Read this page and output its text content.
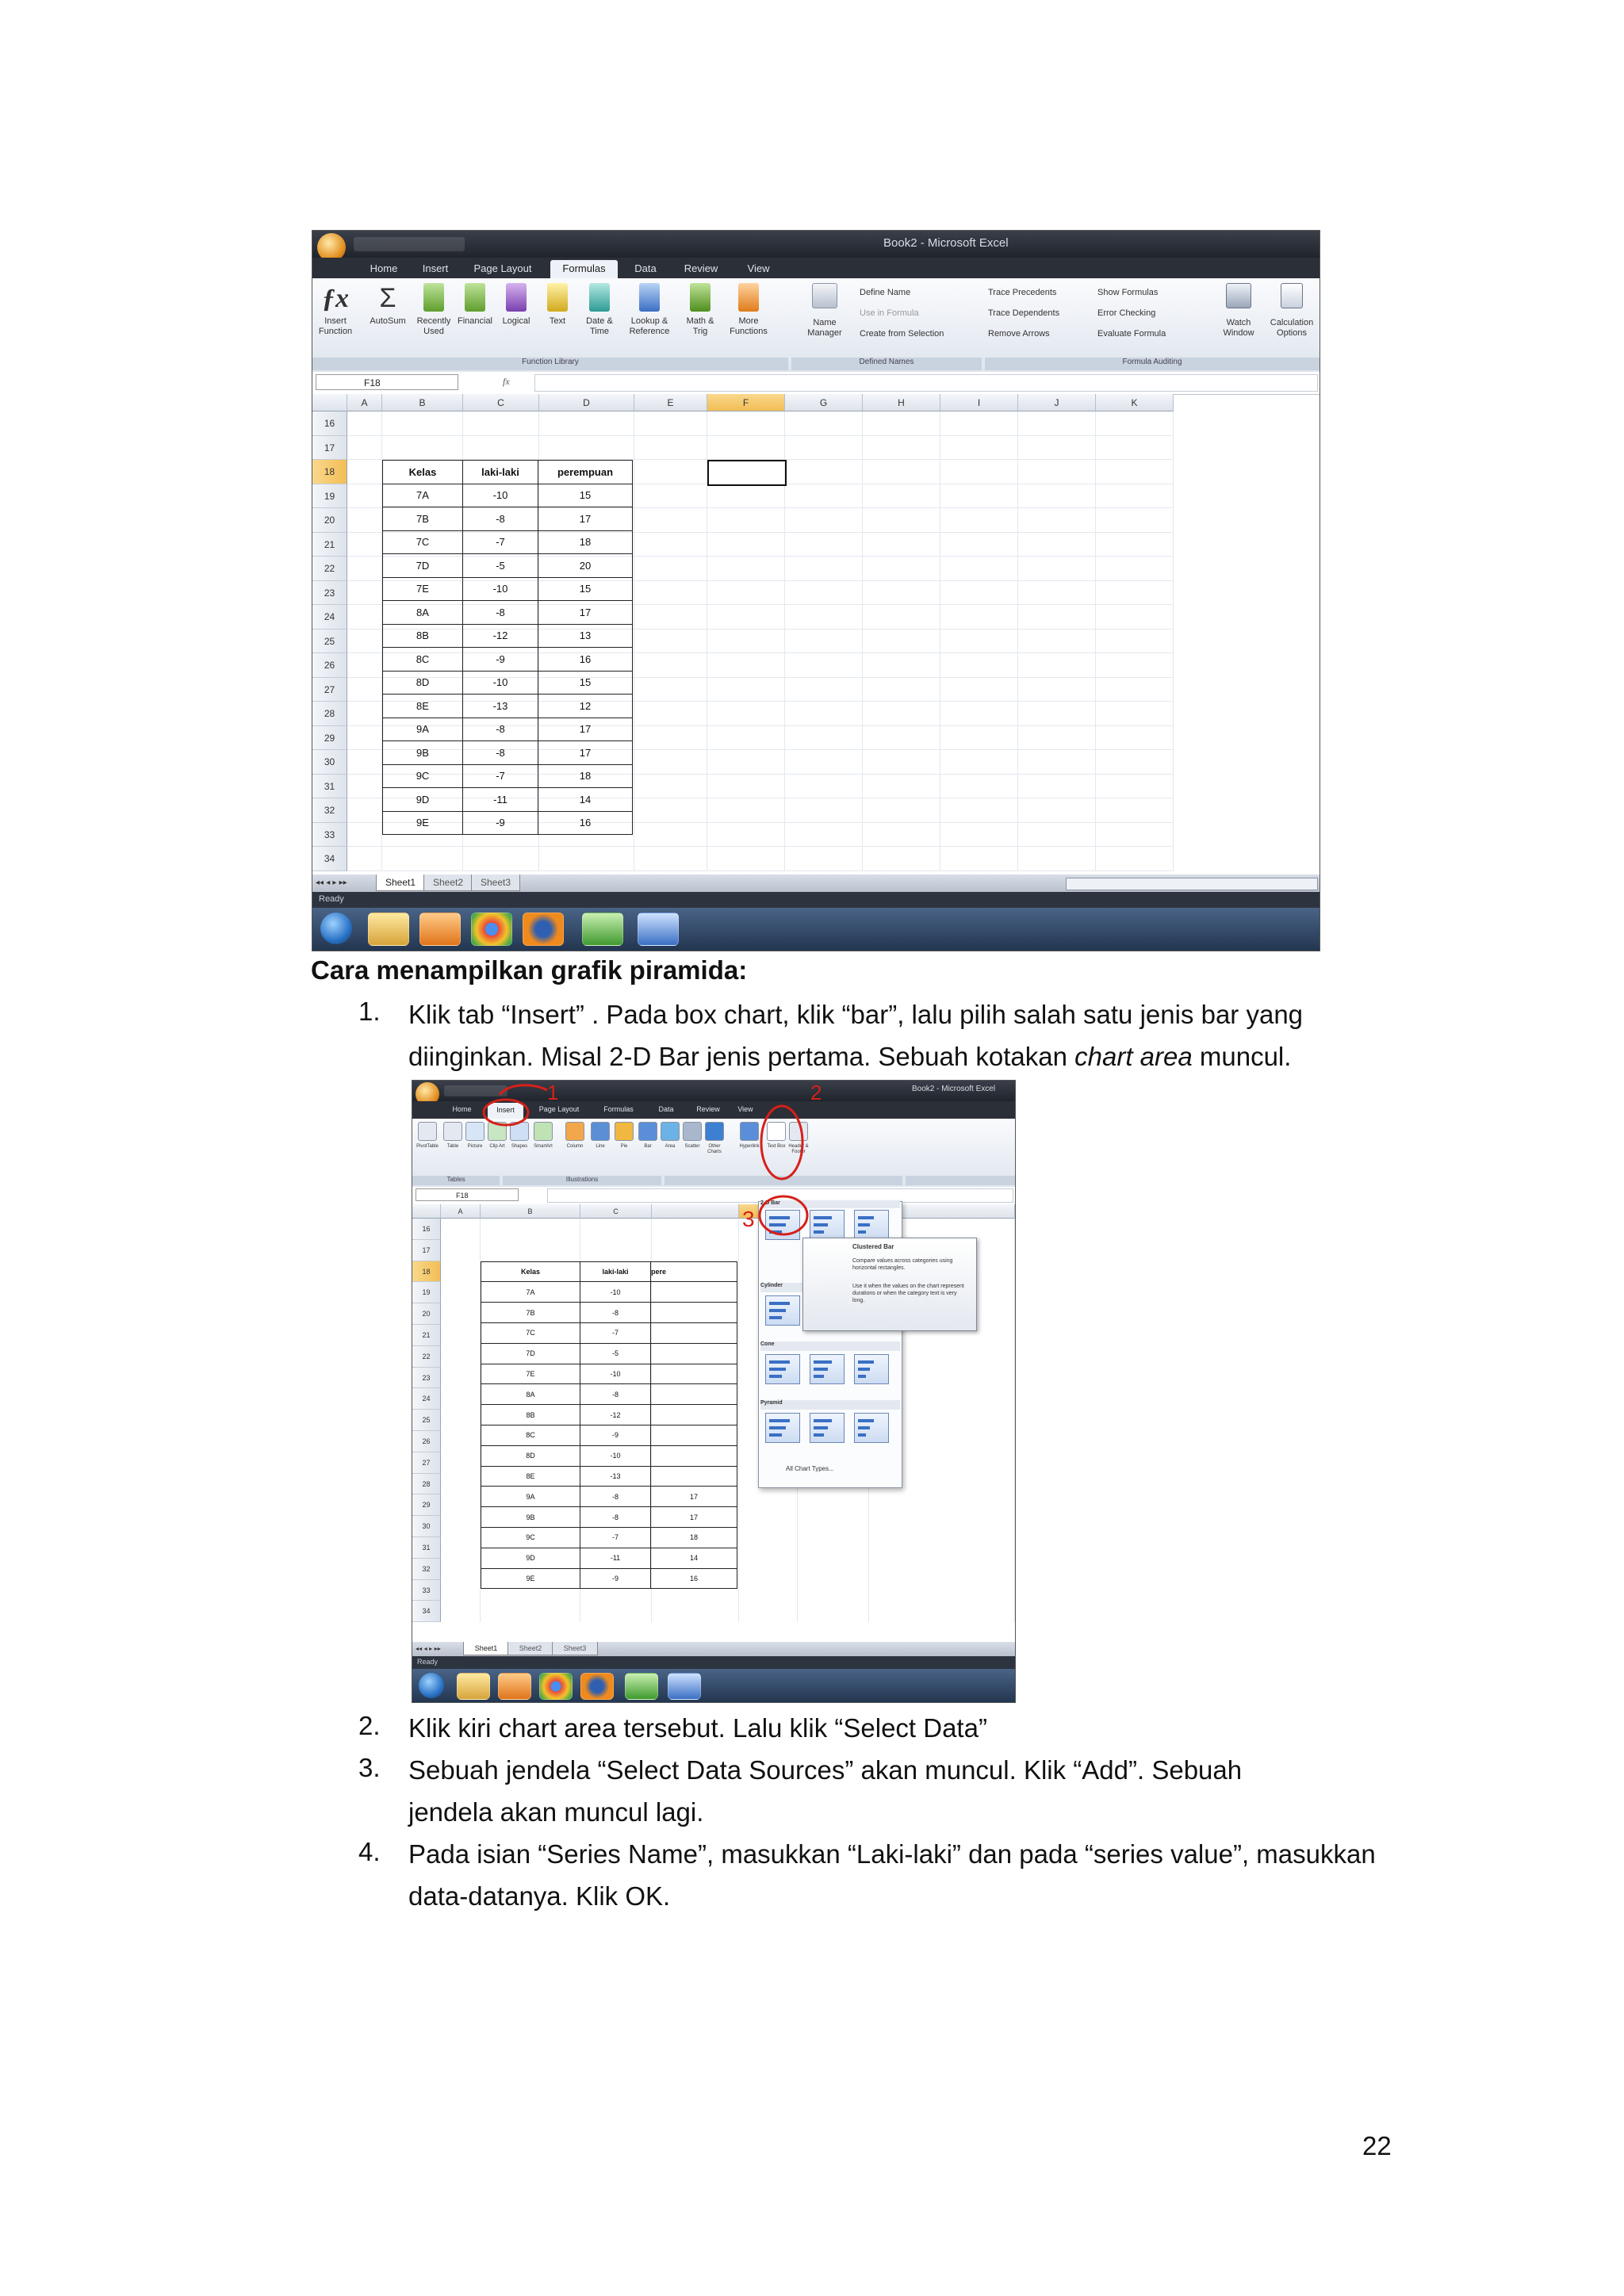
Book2 - Microsoft Excel
Home	Insert	Page Layout	Formulas	Data	Review	View
ƒx
Insert Function
Σ
AutoSum	Recently Used
Financial	Logical	Text	Date & Time
Lookup & Reference
Math & Trig
More Functions
Name Manager
Define Name
Use in Formula
Create from Selection
Trace Precedents
Trace Dependents
Remove Arrows
Show Formulas
Error Checking
Evaluate Formula
Watch Window
Calculation Options
Function Library	Defined Names	Formula Auditing
F18	fx
A	B	C	D	E	F	G	H	I	J	K
16
17
18
19
20
21
22
23
24
25
26
27
28
29
30
31
32
33
34
Kelas	laki-laki	perempuan
7A	-10	15
7B	-8	17
7C	-7	18
7D	-5	20
7E	-10	15
8A	-8	17
8B	-12	13
8C	-9	16
8D	-10	15
8E	-13	12
9A	-8	17
9B	-8	17
9C	-7	18
9D	-11	14
9E	-9	16
◂◂ ◂ ▸ ▸▸	Sheet1	Sheet2	Sheet3
Ready
Cara menampilkan grafik piramida:
1. Klik tab “Insert” . Pada box chart, klik “bar”, lalu pilih salah satu jenis bar yang diinginkan. Misal 2-D Bar jenis pertama. Sebuah kotakan chart area muncul.
Book2 - Microsoft Excel
Home	Insert	Page Layout	Formulas	Data	Review	View
PivotTable	Table	Picture	Clip Art	Shapes	SmartArt	Column	Line	Pie	Bar	Area	Scatter	Other Charts
Hyperlink	Text Box Header & Footer
Tables	Illustrations
F18
A	B	C
16
17
18
19
20
21
22
23
24
25
26
27
28
29
30
31
32
33
34
Kelas	laki-laki	pere
7A	-10	
7B	-8	
7C	-7	
7D	-5	
7E	-10	
8A	-8	
8B	-12	
8C	-9	
8D	-10	
8E	-13	
9A	-8	17
9B	-8	17
9C	-7	18
9D	-11	14
9E	-9	16
2-D Bar
Cylinder
Cone
Pyramid
All Chart Types...
Clustered Bar
Compare values across categories using horizontal rectangles.
Use it when the values on the chart represent durations or when the category text is very long.
1	2
3
◂◂ ◂ ▸ ▸▸	Sheet1	Sheet2	Sheet3
Ready
2. Klik kiri chart area tersebut. Lalu klik “Select Data”
3. Sebuah jendela “Select Data Sources” akan muncul. Klik “Add”. Sebuah jendela akan muncul lagi.
4. Pada isian “Series Name”, masukkan “Laki-laki” dan pada “series value”, masukkan data-datanya. Klik OK.
22
